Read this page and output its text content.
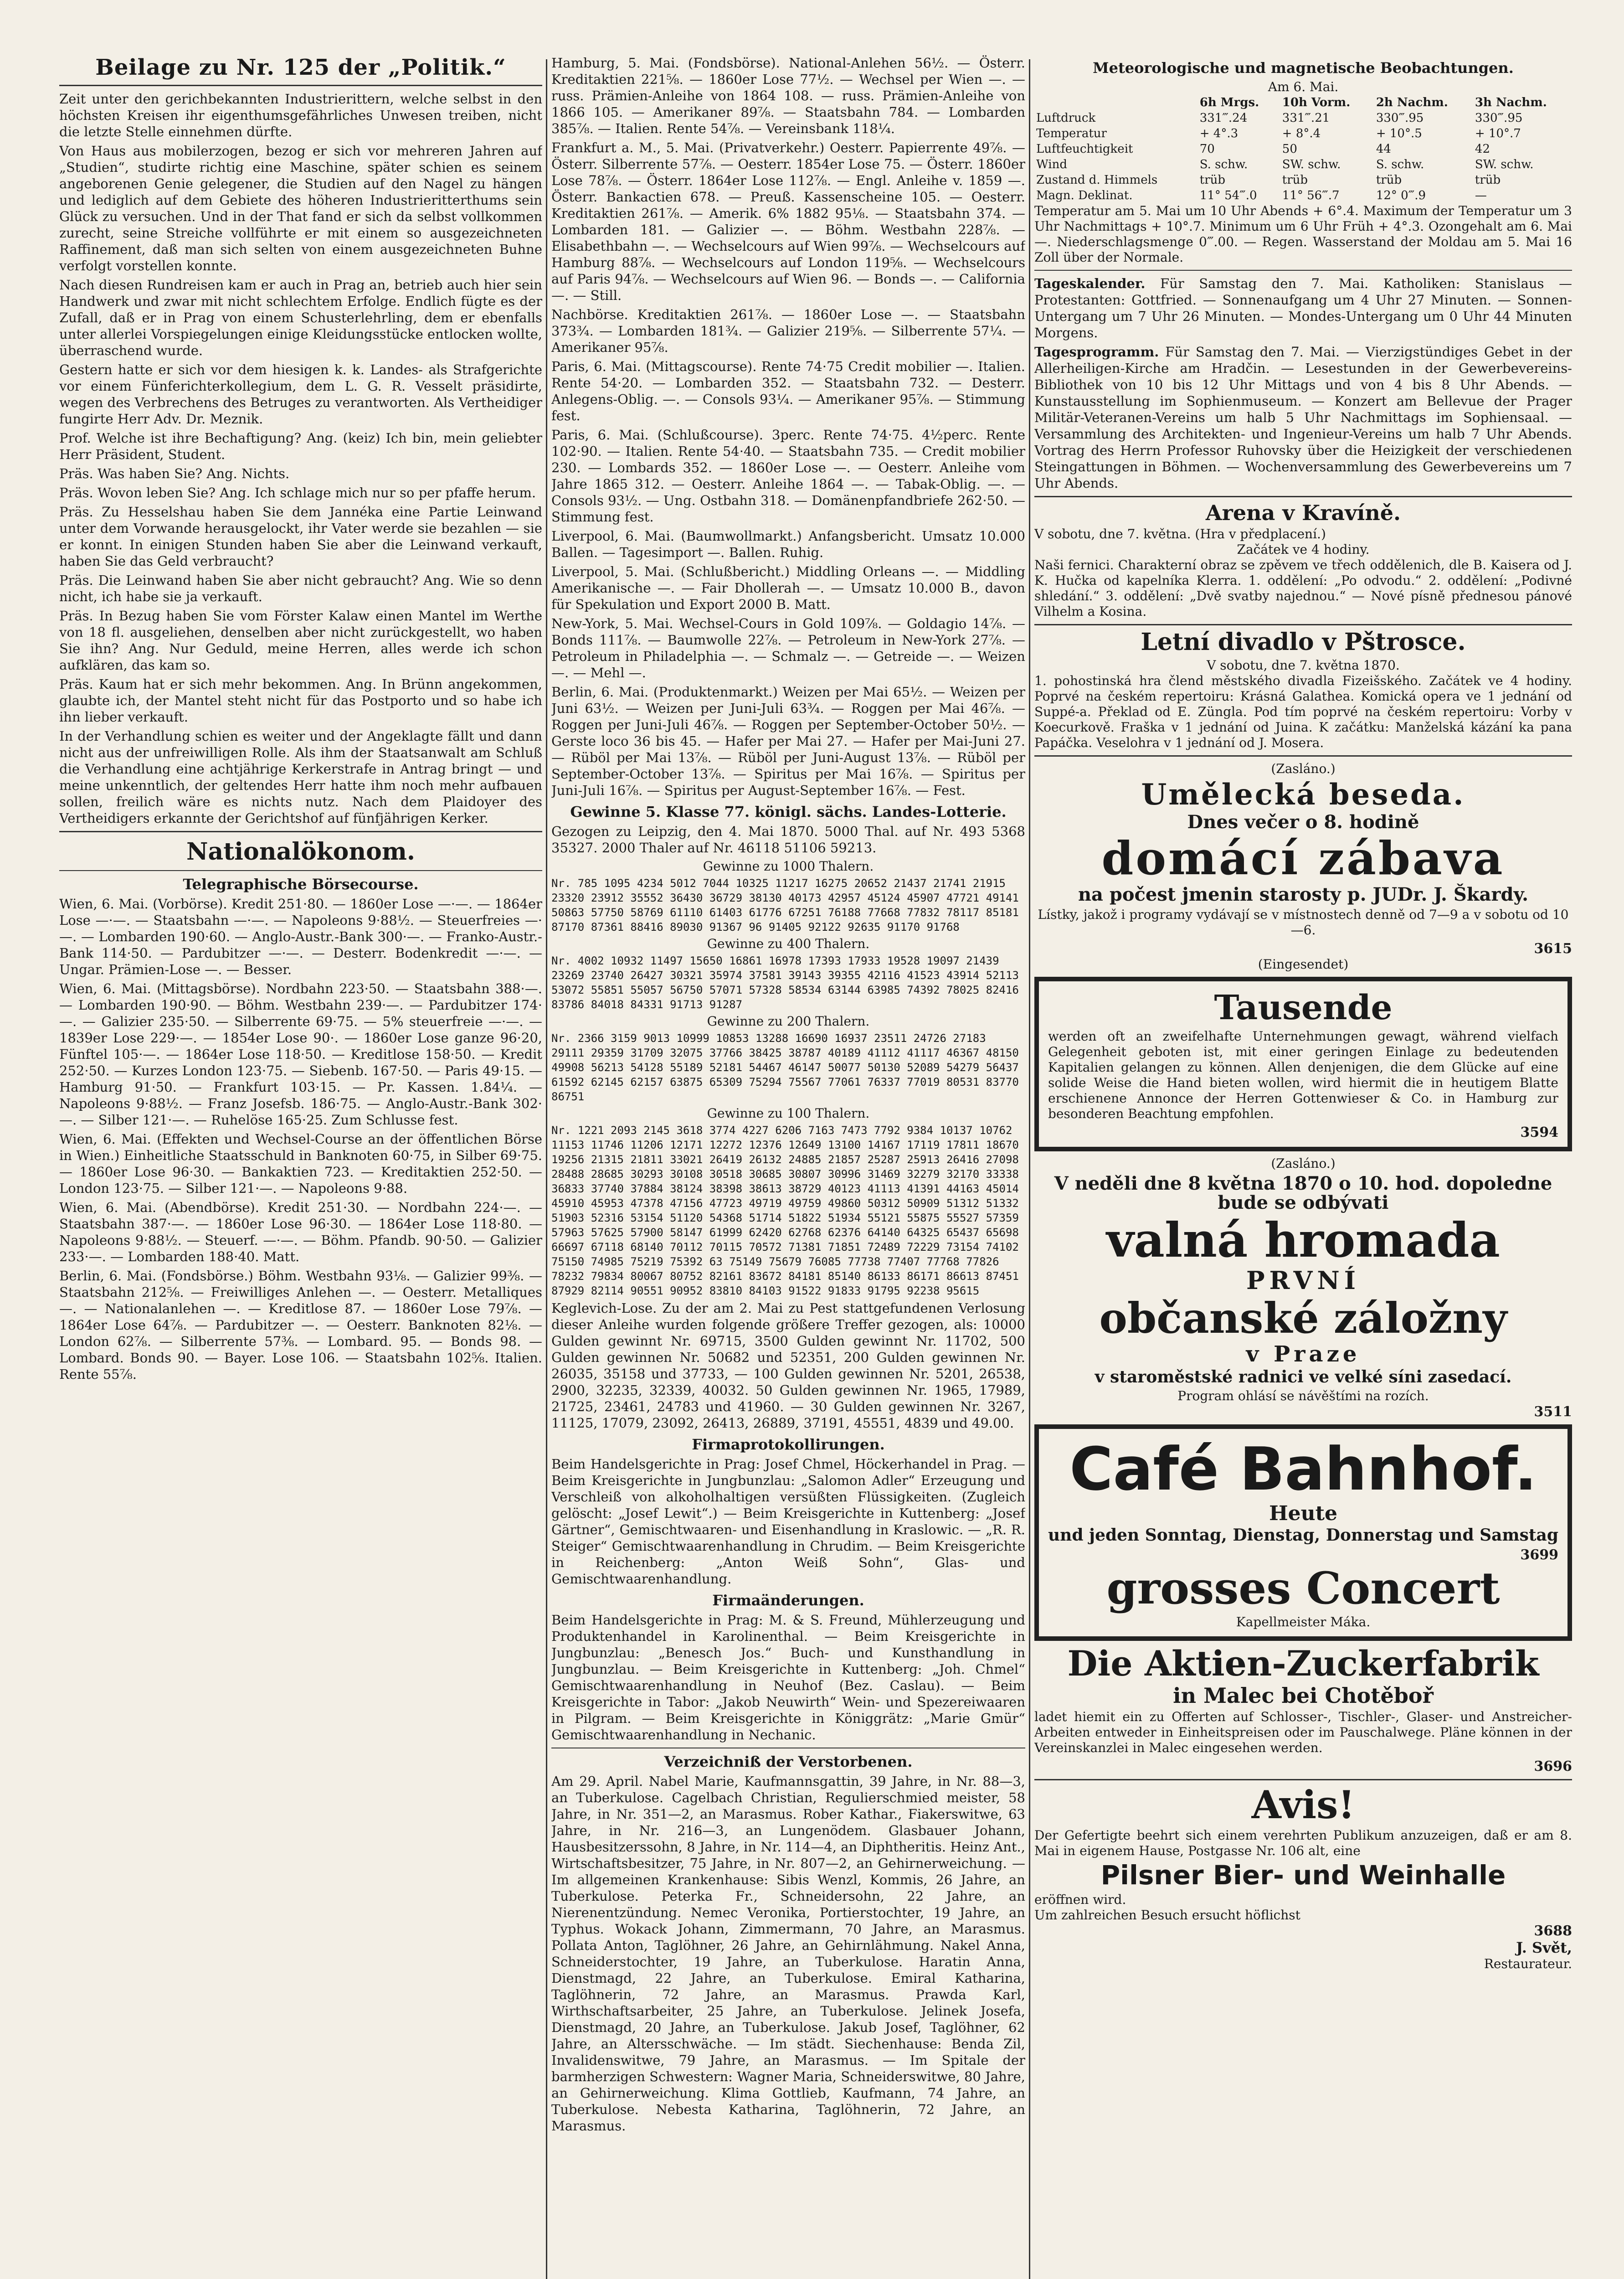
Beilage zu Nr. 125 der „Politik.“

Zeit unter den gerichbekannten Industrierittern, welche selbst in den höchsten Kreisen ihr eigenthumsgefährliches Unwesen treiben, nicht die letzte Stelle einnehmen dürfte.

Von Haus aus mobilerzogen, bezog er sich vor mehreren Jahren auf „Studien“, studirte richtig eine Maschine, später schien es seinem angeborenen Genie gelegener, die Studien auf den Nagel zu hängen und lediglich auf dem Gebiete des höheren Industrieritterthums sein Glück zu versuchen. Und in der That fand er sich da selbst vollkommen zurecht, seine Streiche vollführte er mit einem so ausgezeichneten Raffinement, daß man sich selten von einem ausgezeichneten Buhne verfolgt vorstellen konnte.

Nach diesen Rundreisen kam er auch in Prag an, betrieb auch hier sein Handwerk und zwar mit nicht schlechtem Erfolge. Endlich fügte es der Zufall, daß er in Prag von einem Schusterlehrling, dem er ebenfalls unter allerlei Vorspiegelungen einige Kleidungsstücke entlocken wollte, überraschend wurde.

Gestern hatte er sich vor dem hiesigen k. k. Landes- als Strafgerichte vor einem Fünferichterkollegium, dem L. G. R. Vesselt präsidirte, wegen des Verbrechens des Betruges zu verantworten. Als Vertheidiger fungirte Herr Adv. Dr. Meznik.

Prof. Welche ist ihre Bechaftigung? Ang. (keiz) Ich bin, mein geliebter Herr Präsident, Student.

Präs. Was haben Sie? Ang. Nichts.

Präs. Wovon leben Sie? Ang. Ich schlage mich nur so per pfaffe herum.

Präs. Zu Hesselshau haben Sie dem Jannéka eine Partie Leinwand unter dem Vorwande herausgelockt, ihr Vater werde sie bezahlen — sie er konnt. In einigen Stunden haben Sie aber die Leinwand verkauft, haben Sie das Geld verbraucht?

Präs. Die Leinwand haben Sie aber nicht gebraucht? Ang. Wie so denn nicht, ich habe sie ja verkauft.

Präs. In Bezug haben Sie vom Förster Kalaw einen Mantel im Werthe von 18 fl. ausgeliehen, denselben aber nicht zurückgestellt, wo haben Sie ihn? Ang. Nur Geduld, meine Herren, alles werde ich schon aufklären, das kam so.

Präs. Kaum hat er sich mehr bekommen. Ang. In Brünn angekommen, glaubte ich, der Mantel steht nicht für das Postporto und so habe ich ihn lieber verkauft.

In der Verhandlung schien es weiter und der Angeklagte fällt und dann nicht aus der unfreiwilligen Rolle. Als ihm der Staatsanwalt am Schluß die Verhandlung eine achtjährige Kerkerstrafe in Antrag bringt — und meine unkenntlich, der geltendes Herr hatte ihm noch mehr aufbauen sollen, freilich wäre es nichts nutz. Nach dem Plaidoyer des Vertheidigers erkannte der Gerichtshof auf fünfjährigen Kerker.

Nationalökonom.
Telegraphische Börsecourse.

Wien, 6. Mai. (Vorbörse). Kredit 251·80. — 1860er Lose —·—. — 1864er Lose —·—. — Staatsbahn —·—. — Napoleons 9·88½. — Steuerfreies —·—. — Lombarden 190·60. — Anglo-Austr.-Bank 300·—. — Franko-Austr.-Bank 114·50. — Pardubitzer —·—. — Desterr. Bodenkredit —·—. — Ungar. Prämien-Lose —. — Besser.

Wien, 6. Mai. (Mittagsbörse). Nordbahn 223·50. — Staatsbahn 388·—. — Lombarden 190·90. — Böhm. Westbahn 239·—. — Pardubitzer 174·—. — Galizier 235·50. — Silberrente 69·75. — 5% steuerfreie —·—. — 1839er Lose 229·—. — 1854er Lose 90·. — 1860er Lose ganze 96·20, Fünftel 105·—. — 1864er Lose 118·50. — Kreditlose 158·50. — Kredit 252·50. — Kurzes London 123·75. — Siebenb. 167·50. — Paris 49·15. — Hamburg 91·50. — Frankfurt 103·15. — Pr. Kassen. 1.84¼. — Napoleons 9·88½. — Franz Josefsb. 186·75. — Anglo-Austr.-Bank 302·—. — Silber 121·—. — Ruhelöse 165·25. Zum Schlusse fest.

Wien, 6. Mai. (Effekten und Wechsel-Course an der öffentlichen Börse in Wien.) Einheitliche Staatsschuld in Banknoten 60·75, in Silber 69·75. — 1860er Lose 96·30. — Bankaktien 723. — Kreditaktien 252·50. — London 123·75. — Silber 121·—. — Napoleons 9·88.

Wien, 6. Mai. (Abendbörse). Kredit 251·30. — Nordbahn 224·—. — Staatsbahn 387·—. — 1860er Lose 96·30. — 1864er Lose 118·80. — Napoleons 9·88½. — Steuerf. —·—. — Böhm. Pfandb. 90·50. — Galizier 233·—. — Lombarden 188·40. Matt.

Berlin, 6. Mai. (Fondsbörse.) Böhm. Westbahn 93⅛. — Galizier 99⅜. — Staatsbahn 212⅝. — Freiwilliges Anlehen —. — Oesterr. Metalliques —. — Nationalanlehen —. — Kreditlose 87. — 1860er Lose 79⅞. — 1864er Lose 64⅞. — Pardubitzer —. — Oesterr. Banknoten 82⅛. — London 62⅞. — Silberrente 57⅜. — Lombard. 95. — Bonds 98. — Lombard. Bonds 90. — Bayer. Lose 106. — Staatsbahn 102⅝. Italien. Rente 55⅞.

Hamburg, 5. Mai. (Fondsbörse). National-Anlehen 56½. — Österr. Kreditaktien 221⅝. — 1860er Lose 77½. — Wechsel per Wien —. — russ. Prämien-Anleihe von 1864 108. — russ. Prämien-Anleihe von 1866 105. — Amerikaner 89⅞. — Staatsbahn 784. — Lombarden 385⅞. — Italien. Rente 54⅞. — Vereinsbank 118¼.

Frankfurt a. M., 5. Mai. (Privatverkehr.) Oesterr. Papierrente 49⅞. — Österr. Silberrente 57⅞. — Oesterr. 1854er Lose 75. — Österr. 1860er Lose 78⅞. — Österr. 1864er Lose 112⅞. — Engl. Anleihe v. 1859 —. Österr. Bankactien 678. — Preuß. Kassenscheine 105. — Oesterr. Kreditaktien 261⅞. — Amerik. 6% 1882 95⅛. — Staatsbahn 374. — Lombarden 181. — Galizier —. — Böhm. Westbahn 228⅞. — Elisabethbahn —. — Wechselcours auf Wien 99⅞. — Wechselcours auf Hamburg 88⅞. — Wechselcours auf London 119⅝. — Wechselcours auf Paris 94⅞. — Wechselcours auf Wien 96. — Bonds —. — California —. — Still.

Nachbörse. Kreditaktien 261⅞. — 1860er Lose —. — Staatsbahn 373¾. — Lombarden 181¾. — Galizier 219⅝. — Silberrente 57¼. — Amerikaner 95⅞.

Paris, 6. Mai. (Mittagscourse). Rente 74·75 Credit mobilier —. Italien. Rente 54·20. — Lombarden 352. — Staatsbahn 732. — Desterr. Anlegens-Oblig. —. — Consols 93¼. — Amerikaner 95⅞. — Stimmung fest.

Paris, 6. Mai. (Schlußcourse). 3perc. Rente 74·75. 4½perc. Rente 102·90. — Italien. Rente 54·40. — Staatsbahn 735. — Credit mobilier 230. — Lombards 352. — 1860er Lose —. — Oesterr. Anleihe vom Jahre 1865 312. — Oesterr. Anleihe 1864 —. — Tabak-Oblig. —. — Consols 93½. — Ung. Ostbahn 318. — Domänenpfandbriefe 262·50. — Stimmung fest.

Liverpool, 6. Mai. (Baumwollmarkt.) Anfangsbericht. Umsatz 10.000 Ballen. — Tagesimport —. Ballen. Ruhig.

Liverpool, 5. Mai. (Schlußbericht.) Middling Orleans —. — Middling Amerikanische —. — Fair Dhollerah —. — Umsatz 10.000 B., davon für Spekulation und Export 2000 B. Matt.

New-York, 5. Mai. Wechsel-Cours in Gold 109⅞. — Goldagio 14⅞. — Bonds 111⅞. — Baumwolle 22⅞. — Petroleum in New-York 27⅞. — Petroleum in Philadelphia —. — Schmalz —. — Getreide —. — Weizen —. — Mehl —.

Berlin, 6. Mai. (Produktenmarkt.) Weizen per Mai 65½. — Weizen per Juni 63½. — Weizen per Juni-Juli 63¾. — Roggen per Mai 46⅞. — Roggen per Juni-Juli 46⅞. — Roggen per September-October 50½. — Gerste loco 36 bis 45. — Hafer per Mai 27. — Hafer per Mai-Juni 27. — Rüböl per Mai 13⅞. — Rüböl per Juni-August 13⅞. — Rüböl per September-October 13⅞. — Spiritus per Mai 16⅞. — Spiritus per Juni-Juli 16⅞. — Spiritus per August-September 16⅞. — Fest.

Gewinne 5. Klasse 77. königl. sächs. Landes-Lotterie.

Gezogen zu Leipzig, den 4. Mai 1870. 5000 Thal. auf Nr. 493 5368 35327. 2000 Thaler auf Nr. 46118 51106 59213.

Gewinne zu 1000 Thalern.
Nr. 785 1095 4234 5012 7044 10325 11217 16275 20652 21437 21741 21915 23320 23912 35552 36430 36729 38130 40173 42957 45124 45907 47721 49141 50863 57750 58769 61110 61403 61776 67251 76188 77668 77832 78117 85181 87170 87361 88416 89030 91367 96 91405 92122 92635 91170 91768
Gewinne zu 400 Thalern.
Nr. 4002 10932 11497 15650 16861 16978 17393 17933 19528 19097 21439 23269 23740 26427 30321 35974 37581 39143 39355 42116 41523 43914 52113 53072 55851 55057 56750 57071 57328 58534 63144 63985 74392 78025 82416 83786 84018 84331 91713 91287
Gewinne zu 200 Thalern.
Nr. 2366 3159 9013 10999 10853 13288 16690 16937 23511 24726 27183 29111 29359 31709 32075 37766 38425 38787 40189 41112 41117 46367 48150 49908 56213 54128 55189 52181 54467 46147 50077 50130 52089 54279 56437 61592 62145 62157 63875 65309 75294 75567 77061 76337 77019 80531 83770 86751
Gewinne zu 100 Thalern.
Nr. 1221 2093 2145 3618 3774 4227 6206 7163 7473 7792 9384 10137 10762 11153 11746 11206 12171 12272 12376 12649 13100 14167 17119 17811 18670 19256 21315 21811 33021 26419 26132 24885 21857 25287 25913 26416 27098 28488 28685 30293 30108 30518 30685 30807 30996 31469 32279 32170 33338 36833 37740 37884 38124 38398 38613 38729 40123 41113 41391 44163 45014 45910 45953 47378 47156 47723 49719 49759 49860 50312 50909 51312 51332 51903 52316 53154 51120 54368 51714 51822 51934 55121 55875 55527 57359 57963 57625 57900 58147 61999 62420 62768 62376 64140 64325 65437 65698 66697 67118 68140 70112 70115 70572 71381 71851 72489 72229 73154 74102 75150 74985 75219 75392 63 75149 75679 76085 77738 77407 77768 77826 78232 79834 80067 80752 82161 83672 84181 85140 86133 86171 86613 87451 87929 82114 90551 90952 83810 84103 91522 91833 91795 92238 95615

Keglevich-Lose. Zu der am 2. Mai zu Pest stattgefundenen Verlosung dieser Anleihe wurden folgende größere Treffer gezogen, als: 10000 Gulden gewinnt Nr. 69715, 3500 Gulden gewinnt Nr. 11702, 500 Gulden gewinnen Nr. 50682 und 52351, 200 Gulden gewinnen Nr. 26035, 35158 und 37733, — 100 Gulden gewinnen Nr. 5201, 26538, 2900, 32235, 32339, 40032. 50 Gulden gewinnen Nr. 1965, 17989, 21725, 23461, 24783 und 41960. — 30 Gulden gewinnen Nr. 3267, 11125, 17079, 23092, 26413, 26889, 37191, 45551, 4839 und 49.00.

Firmaprotokollirungen.

Beim Handelsgerichte in Prag: Josef Chmel, Höckerhandel in Prag. — Beim Kreisgerichte in Jungbunzlau: „Salomon Adler“ Erzeugung und Verschleiß von alkoholhaltigen versüßten Flüssigkeiten. (Zugleich gelöscht: „Josef Lewit“.) — Beim Kreisgerichte in Kuttenberg: „Josef Gärtner“, Gemischtwaaren- und Eisenhandlung in Kraslowic. — „R. R. Steiger“ Gemischtwaarenhandlung in Chrudim. — Beim Kreisgerichte in Reichenberg: „Anton Weiß Sohn“, Glas- und Gemischtwaarenhandlung.

Firmaänderungen.

Beim Handelsgerichte in Prag: M. & S. Freund, Mühlerzeugung und Produktenhandel in Karolinenthal. — Beim Kreisgerichte in Jungbunzlau: „Benesch Jos.“ Buch- und Kunsthandlung in Jungbunzlau. — Beim Kreisgerichte in Kuttenberg: „Joh. Chmel“ Gemischtwaarenhandlung in Neuhof (Bez. Caslau). — Beim Kreisgerichte in Tabor: „Jakob Neuwirth“ Wein- und Spezereiwaaren in Pilgram. — Beim Kreisgerichte in Königgrätz: „Marie Gmür“ Gemischtwaarenhandlung in Nechanic.

Verzeichniß der Verstorbenen.

Am 29. April. Nabel Marie, Kaufmannsgattin, 39 Jahre, in Nr. 88—3, an Tuberkulose. Cagelbach Christian, Regulierschmied meister, 58 Jahre, in Nr. 351—2, an Marasmus. Rober Kathar., Fiakerswitwe, 63 Jahre, in Nr. 216—3, an Lungenödem. Glasbauer Johann, Hausbesitzerssohn, 8 Jahre, in Nr. 114—4, an Diphtheritis. Heinz Ant., Wirtschaftsbesitzer, 75 Jahre, in Nr. 807—2, an Gehirnerweichung. — Im allgemeinen Krankenhause: Sibis Wenzl, Kommis, 26 Jahre, an Tuberkulose. Peterka Fr., Schneidersohn, 22 Jahre, an Nierenentzündung. Nemec Veronika, Portierstochter, 19 Jahre, an Typhus. Wokack Johann, Zimmermann, 70 Jahre, an Marasmus. Pollata Anton, Taglöhner, 26 Jahre, an Gehirnlähmung. Nakel Anna, Schneiderstochter, 19 Jahre, an Tuberkulose. Haratin Anna, Dienstmagd, 22 Jahre, an Tuberkulose. Emiral Katharina, Taglöhnerin, 72 Jahre, an Marasmus. Prawda Karl, Wirthschaftsarbeiter, 25 Jahre, an Tuberkulose. Jelinek Josefa, Dienstmagd, 20 Jahre, an Tuberkulose. Jakub Josef, Taglöhner, 62 Jahre, an Altersschwäche. — Im städt. Siechenhause: Benda Zil, Invalidenswitwe, 79 Jahre, an Marasmus. — Im Spitale der barmherzigen Schwestern: Wagner Maria, Schneiderswitwe, 80 Jahre, an Gehirnerweichung. Klima Gottlieb, Kaufmann, 74 Jahre, an Tuberkulose. Nebesta Katharina, Taglöhnerin, 72 Jahre, an Marasmus.

Meteorologische und magnetische Beobachtungen.
Am 6. Mai.
	6h Mrgs.	10h Vorm.	2h Nachm.	3h Nachm.
Luftdruck	331‴.24	331‴.21	330‴.95	330‴.95
Temperatur	+ 4°.3	+ 8°.4	+ 10°.5	+ 10°.7
Luftfeuchtigkeit	70	50	44	42
Wind	S. schw.	SW. schw.	S. schw.	SW. schw.
Zustand d. Himmels	trüb	trüb	trüb	trüb
Magn. Deklinat.	11° 54‴.0	11° 56‴.7	12° 0‴.9	—

Temperatur am 5. Mai um 10 Uhr Abends + 6°.4. Maximum der Temperatur um 3 Uhr Nachmittags + 10°.7. Minimum um 6 Uhr Früh + 4°.3. Ozongehalt am 6. Mai —. Niederschlagsmenge 0‴.00. — Regen. Wasserstand der Moldau am 5. Mai 16 Zoll über der Normale.

Tageskalender. Für Samstag den 7. Mai. Katholiken: Stanislaus — Protestanten: Gottfried. — Sonnenaufgang um 4 Uhr 27 Minuten. — Sonnen-Untergang um 7 Uhr 26 Minuten. — Mondes-Untergang um 0 Uhr 44 Minuten Morgens.

Tagesprogramm. Für Samstag den 7. Mai. — Vierzigstündiges Gebet in der Allerheiligen-Kirche am Hradčin. — Lesestunden in der Gewerbevereins-Bibliothek von 10 bis 12 Uhr Mittags und von 4 bis 8 Uhr Abends. — Kunstausstellung im Sophienmuseum. — Konzert am Bellevue der Prager Militär-Veteranen-Vereins um halb 5 Uhr Nachmittags im Sophiensaal. — Versammlung des Architekten- und Ingenieur-Vereins um halb 7 Uhr Abends. Vortrag des Herrn Professor Ruhovsky über die Heizigkeit der verschiedenen Steingattungen in Böhmen. — Wochenversammlung des Gewerbevereins um 7 Uhr Abends.

Arena v Kravíně.
V sobotu, dne 7. května. (Hra v předplacení.)
Začátek ve 4 hodiny.

Naši fernici. Charakterní obraz se zpěvem ve třech oddělenich, dle B. Kaisera od J. K. Hučka od kapelníka Klerra. 1. oddělení: „Po odvodu.“ 2. oddělení: „Podivné shledání.“ 3. oddělení: „Dvě svatby najednou.“ — Nové písně přednesou pánové Vilhelm a Kosina.

Letní divadlo v Pštrosce.
V sobotu, dne 7. května 1870.

1. pohostinská hra člend městského divadla Fizeišského. Začátek ve 4 hodiny. Poprvé na českém repertoiru: Krásná Galathea. Komická opera ve 1 jednání od Suppé-a. Překlad od E. Züngla. Pod tím poprvé na českém repertoiru: Vorby v Koecurkově. Fraška v 1 jednání od Juina. K začátku: Manželská kázání ka pana Papáčka. Veselohra v 1 jednání od J. Mosera.

(Zasláno.)
Umělecká beseda.
Dnes večer o 8. hodině
domácí zábava
na počest jmenin starosty p. JUDr. J. Škardy.

Lístky, jakož i programy vydávají se v místnostech denně od 7—9 a v sobotu od 10—6.

3615
(Eingesendet)
Tausende

werden oft an zweifelhafte Unternehmungen gewagt, während vielfach Gelegenheit geboten ist, mit einer geringen Einlage zu bedeutenden Kapitalien gelangen zu können. Allen denjenigen, die dem Glücke auf eine solide Weise die Hand bieten wollen, wird hiermit die in heutigem Blatte erschienene Annonce der Herren Gottenwieser & Co. in Hamburg zur besonderen Beachtung empfohlen.

3594
(Zasláno.)
V neděli dne 8 května 1870 o 10. hod. dopoledne bude se odbývati
valná hromada
PRVNÍ
občanské záložny
v Praze
v staroměstské radnici ve velké síni zasedací.
Program ohlásí se návěštími na rozích.
3511
Café Bahnhof.
Heute
und jeden Sonntag, Dienstag, Donnerstag und Samstag
3699
grosses Concert
Kapellmeister Máka.
Die Aktien-Zuckerfabrik
in Malec bei Chotěboř

ladet hiemit ein zu Offerten auf Schlosser-, Tischler-, Glaser- und Anstreicher-Arbeiten entweder in Einheitspreisen oder im Pauschalwege. Pläne können in der Vereinskanzlei in Malec eingesehen werden.

3696
Avis!

Der Gefertigte beehrt sich einem verehrten Publikum anzuzeigen, daß er am 8. Mai in eigenem Hause, Postgasse Nr. 106 alt, eine

Pilsner Bier- und Weinhalle
eröffnen wird.
Um zahlreichen Besuch ersucht höflichst
3688
J. Svět,
Restaurateur.
